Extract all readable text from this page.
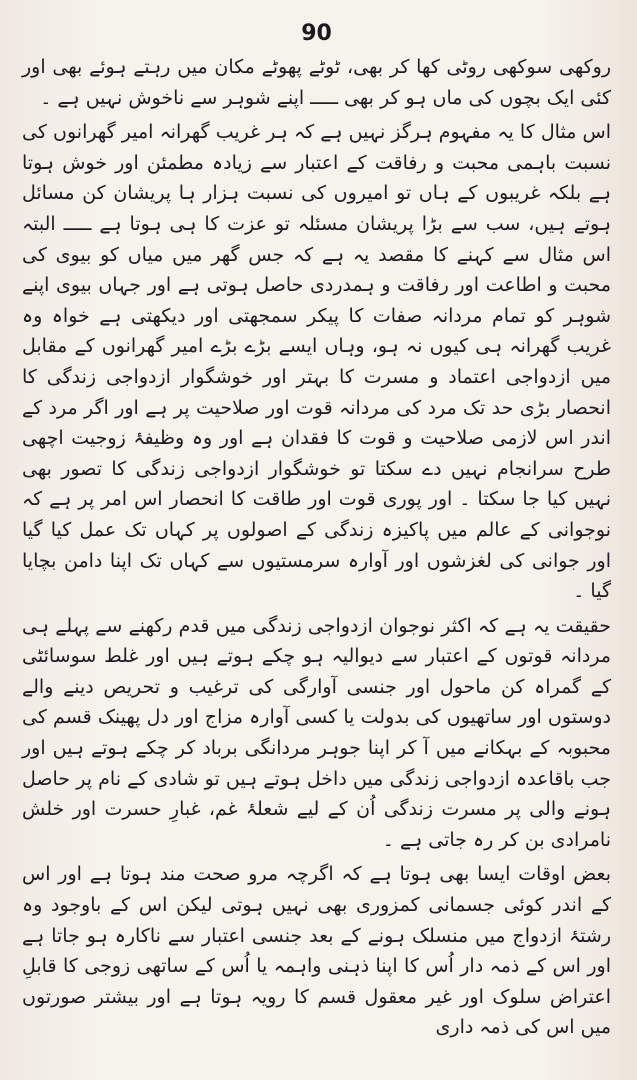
90

روکھی سوکھی روٹی کھا کر بھی، ٹوٹے پھوٹے مکان میں رہتے ہوئے بھی اور کئی ایک بچوں کی ماں ہو کر بھی ـــــ اپنے شوہر سے ناخوش نہیں ہے ۔

اس مثال کا یہ مفہوم ہرگز نہیں ہے کہ ہر غریب گھرانہ امیر گھرانوں کی نسبت باہمی محبت و رفاقت کے اعتبار سے زیادہ مطمئن اور خوش ہوتا ہے بلکہ غریبوں کے ہاں تو امیروں کی نسبت ہزار ہا پریشان کن مسائل ہوتے ہیں، سب سے بڑا پریشان مسئلہ تو عزت کا ہی ہوتا ہے ـــــ البتہ اس مثال سے کہنے کا مقصد یہ ہے کہ جس گھر میں میاں کو بیوی کی محبت و اطاعت اور رفاقت و ہمدردی حاصل ہوتی ہے اور جہاں بیوی اپنے شوہر کو تمام مردانہ صفات کا پیکر سمجھتی اور دیکھتی ہے خواہ وہ غریب گھرانہ ہی کیوں نہ ہو، وہاں ایسے بڑے بڑے امیر گھرانوں کے مقابل میں ازدواجی اعتماد و مسرت کا بہتر اور خوشگوار ازدواجی زندگی کا انحصار بڑی حد تک مرد کی مردانہ قوت اور صلاحیت پر ہے اور اگر مرد کے اندر اس لازمی صلاحیت و قوت کا فقدان ہے اور وہ وظیفۂ زوجیت اچھی طرح سرانجام نہیں دے سکتا تو خوشگوار ازدواجی زندگی کا تصور بھی نہیں کیا جا سکتا ۔ اور پوری قوت اور طاقت کا انحصار اس امر پر ہے کہ نوجوانی کے عالم میں پاکیزہ زندگی کے اصولوں پر کہاں تک عمل کیا گیا اور جوانی کی لغزشوں اور آوارہ سرمستیوں سے کہاں تک اپنا دامن بچایا گیا ۔

حقیقت یہ ہے کہ اکثر نوجوان ازدواجی زندگی میں قدم رکھنے سے پہلے ہی مردانہ قوتوں کے اعتبار سے دیوالیہ ہو چکے ہوتے ہیں اور غلط سوسائٹی کے گمراہ کن ماحول اور جنسی آوارگی کی ترغیب و تحریص دینے والے دوستوں اور ساتھیوں کی بدولت یا کسی آوارہ مزاج اور دل پھینک قسم کی محبوبہ کے بہکانے میں آ کر اپنا جوہر مردانگی برباد کر چکے ہوتے ہیں اور جب باقاعدہ ازدواجی زندگی میں داخل ہوتے ہیں تو شادی کے نام پر حاصل ہونے والی پر مسرت زندگی اُن کے لیے شعلۂ غم، غبارِ حسرت اور خلش نامرادی بن کر رہ جاتی ہے ۔

بعض اوقات ایسا بھی ہوتا ہے کہ اگرچہ مرو صحت مند ہوتا ہے اور اس کے اندر کوئی جسمانی کمزوری بھی نہیں ہوتی لیکن اس کے باوجود وہ رشتۂ ازدواج میں منسلک ہونے کے بعد جنسی اعتبار سے ناکارہ ہو جاتا ہے اور اس کے ذمہ دار اُس کا اپنا ذہنی واہمہ یا اُس کے ساتھی زوجی کا قابلِ اعتراض سلوک اور غیر معقول قسم کا رویہ ہوتا ہے اور بیشتر صورتوں میں اس کی ذمہ داری
